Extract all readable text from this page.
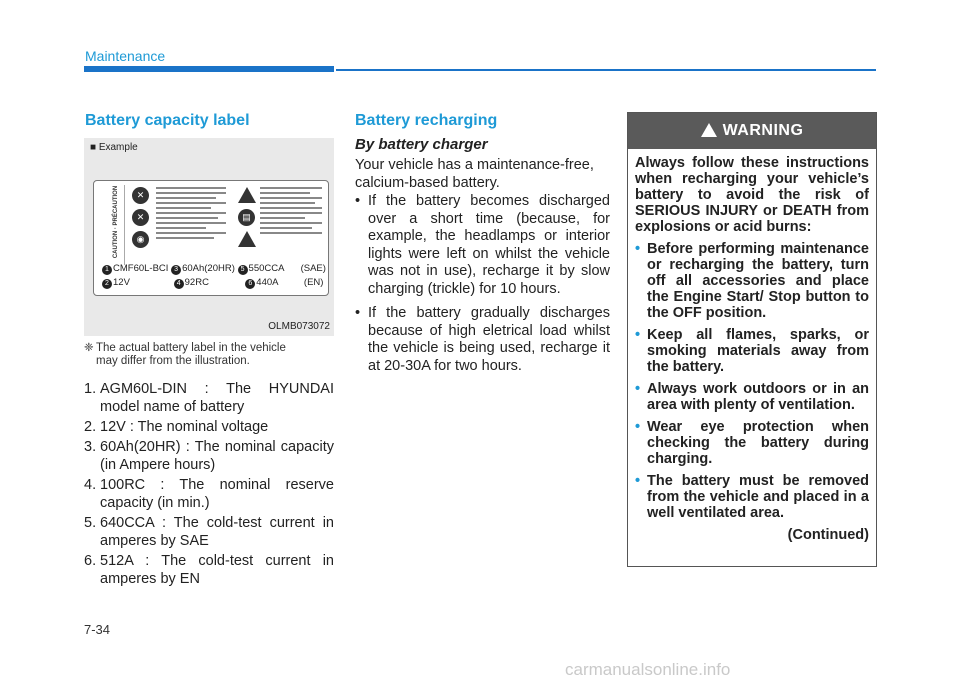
Maintenance
Battery capacity label
■ Example
CAUTION · PRÉCAUTION	✕
✕
◉
▤
1 CMF60L-BCI 3 60Ah(20HR) 5 550CCA (SAE)
2 12V	4 92RC	6 440A	(EN)
OLMB073072
❈ The actual battery label in the vehicle
may differ from the illustration.
1. AGM60L-DIN : The HYUNDAI model name of battery
2. 12V : The nominal voltage
3. 60Ah(20HR) : The nominal capacity (in Ampere hours)
4. 100RC : The nominal reserve capacity (in min.)
5. 640CCA : The cold-test current in amperes by SAE
6. 512A : The cold-test current in amperes by EN
Battery recharging
By battery charger
Your vehicle has a maintenance-free, calcium-based battery.
• If the battery becomes discharged over a short time (because, for example, the headlamps or interior lights were left on whilst the vehicle was not in use), recharge it by slow charging (trickle) for 10 hours.
• If the battery gradually discharges because of high eletrical load whilst the vehicle is being used, recharge it at 20-30A for two hours.
WARNING
Always follow these instructions when recharging your vehicle’s battery to avoid the risk of SERIOUS INJURY or DEATH from explosions or acid burns:
• Before performing maintenance or recharging the battery, turn off all accessories and place the Engine Start/ Stop button to the OFF position.
• Keep all flames, sparks, or smoking materials away from the battery.
• Always work outdoors or in an area with plenty of ventilation.
• Wear eye protection when checking the battery during charging.
• The battery must be removed from the vehicle and placed in a well ventilated area.
(Continued)
7-34
carmanualsonline.info
